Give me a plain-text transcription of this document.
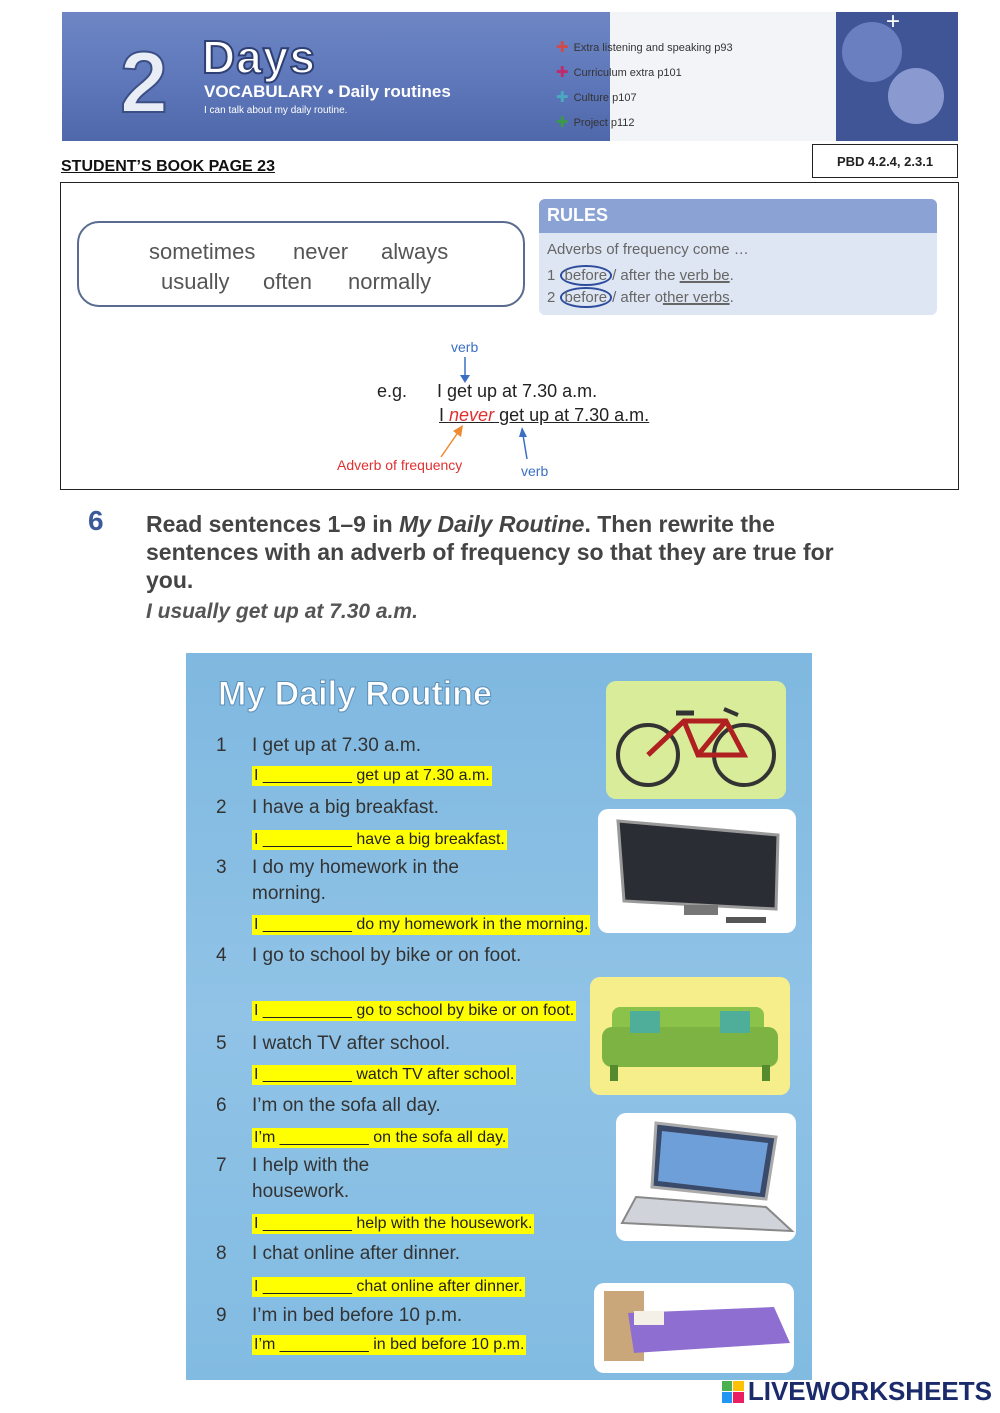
2 Days
VOCABULARY • Daily routines
I can talk about my daily routine.
+
✚ Extra listening and speaking p93
✚ Curriculum extra p101
✚ Culture p107
✚ Project p112
STUDENT’S BOOK PAGE 23	PBD 4.2.4, 2.3.1
sometimes never always
usually often normally
RULES
Adverbs of frequency come …
1 before / after the verb be.
2 before / after other verbs.
verb
e.g. I get up at 7.30 a.m.
I never get up at 7.30 a.m.
Adverb of frequency	verb
6 Read sentences 1–9 in My Daily Routine. Then rewrite the sentences with an adverb of frequency so that they are true for you.
I usually get up at 7.30 a.m.
My Daily Routine
1 I get up at 7.30 a.m.
I __________ get up at 7.30 a.m.
2 I have a big breakfast.
I __________ have a big breakfast.
3	I do my homework in the morning.
I __________ do my homework in the morning.
4	I go to school by bike or on foot.
I __________ go to school by bike or on foot.
5 I watch TV after school.
I __________ watch TV after school.
6 I’m on the sofa all day.
I’m __________ on the sofa all day.
7	I help with the housework.
I __________ help with the housework.
8 I chat online after dinner.
I __________ chat online after dinner.
9 I’m in bed before 10 p.m.
I’m __________ in bed before 10 p.m.
LIVEWORKSHEETS
